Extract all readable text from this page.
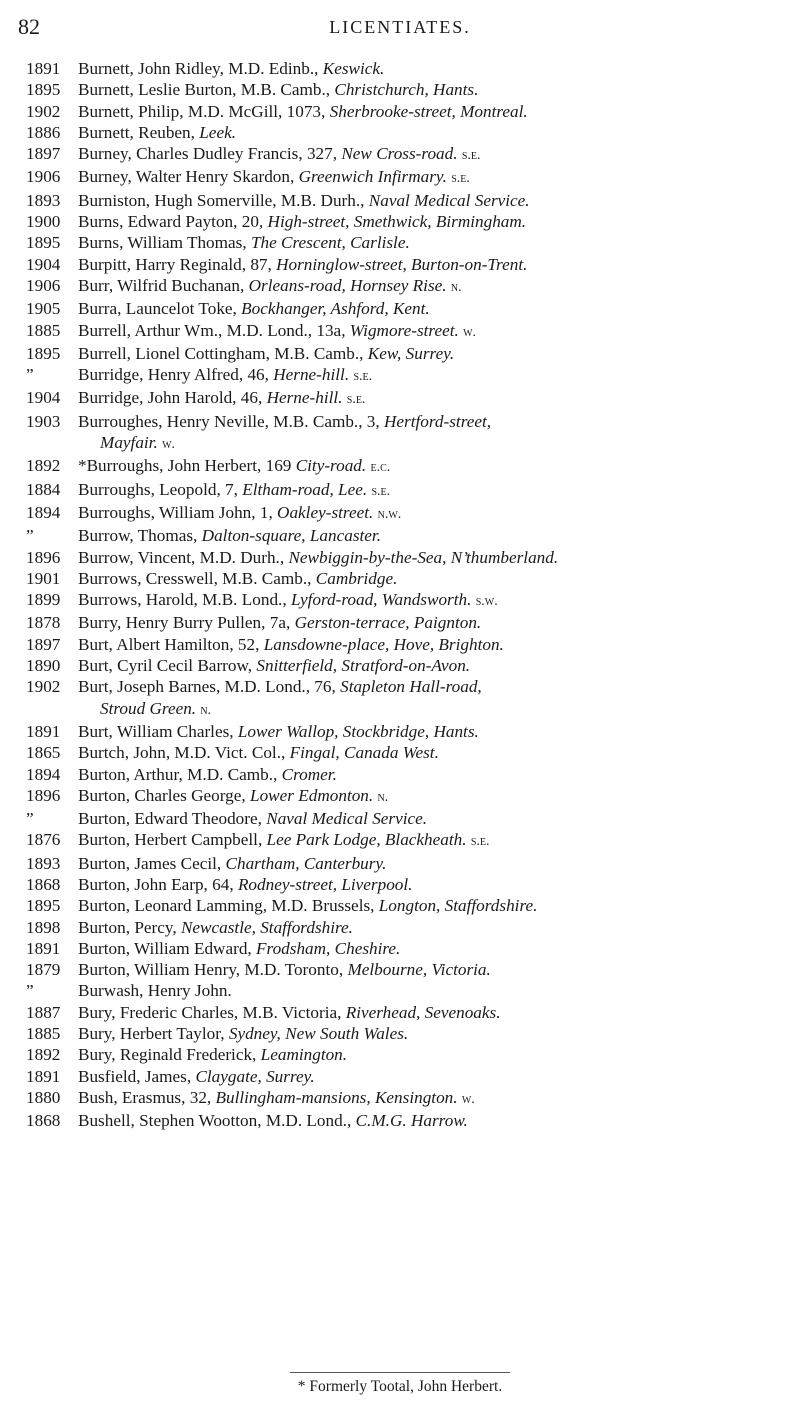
82	LICENTIATES.
1891	Burnett, John Ridley, M.D. Edinb., Keswick.
1895	Burnett, Leslie Burton, M.B. Camb., Christchurch, Hants.
1902	Burnett, Philip, M.D. McGill, 1073, Sherbrooke-street, Montreal.
1886	Burnett, Reuben, Leek.
1897	Burney, Charles Dudley Francis, 327, New Cross-road. s.e.
1906	Burney, Walter Henry Skardon, Greenwich Infirmary. s.e.
1893	Burniston, Hugh Somerville, M.B. Durh., Naval Medical Service.
1900	Burns, Edward Payton, 20, High-street, Smethwick, Birmingham.
1895	Burns, William Thomas, The Crescent, Carlisle.
1904	Burpitt, Harry Reginald, 87, Horninglow-street, Burton-on-Trent.
1906	Burr, Wilfrid Buchanan, Orleans-road, Hornsey Rise. n.
1905	Burra, Launcelot Toke, Bockhanger, Ashford, Kent.
1885	Burrell, Arthur Wm., M.D. Lond., 13a, Wigmore-street. w.
1895	Burrell, Lionel Cottingham, M.B. Camb., Kew, Surrey.
”	Burridge, Henry Alfred, 46, Herne-hill. s.e.
1904	Burridge, John Harold, 46, Herne-hill. s.e.
1903	Burroughes, Henry Neville, M.B. Camb., 3, Hertford-street,
Mayfair. w.
1892	*Burroughs, John Herbert, 169 City-road. e.c.
1884	Burroughs, Leopold, 7, Eltham-road, Lee. s.e.
1894	Burroughs, William John, 1, Oakley-street. n.w.
”	Burrow, Thomas, Dalton-square, Lancaster.
1896	Burrow, Vincent, M.D. Durh., Newbiggin-by-the-Sea, N’thumberland.
1901	Burrows, Cresswell, M.B. Camb., Cambridge.
1899	Burrows, Harold, M.B. Lond., Lyford-road, Wandsworth. s.w.
1878	Burry, Henry Burry Pullen, 7a, Gerston-terrace, Paignton.
1897	Burt, Albert Hamilton, 52, Lansdowne-place, Hove, Brighton.
1890	Burt, Cyril Cecil Barrow, Snitterfield, Stratford-on-Avon.
1902	Burt, Joseph Barnes, M.D. Lond., 76, Stapleton Hall-road,
Stroud Green. n.
1891	Burt, William Charles, Lower Wallop, Stockbridge, Hants.
1865	Burtch, John, M.D. Vict. Col., Fingal, Canada West.
1894	Burton, Arthur, M.D. Camb., Cromer.
1896	Burton, Charles George, Lower Edmonton. n.
”	Burton, Edward Theodore, Naval Medical Service.
1876	Burton, Herbert Campbell, Lee Park Lodge, Blackheath. s.e.
1893	Burton, James Cecil, Chartham, Canterbury.
1868	Burton, John Earp, 64, Rodney-street, Liverpool.
1895	Burton, Leonard Lamming, M.D. Brussels, Longton, Staffordshire.
1898	Burton, Percy, Newcastle, Staffordshire.
1891	Burton, William Edward, Frodsham, Cheshire.
1879	Burton, William Henry, M.D. Toronto, Melbourne, Victoria.
”	Burwash, Henry John.
1887	Bury, Frederic Charles, M.B. Victoria, Riverhead, Sevenoaks.
1885	Bury, Herbert Taylor, Sydney, New South Wales.
1892	Bury, Reginald Frederick, Leamington.
1891	Busfield, James, Claygate, Surrey.
1880	Bush, Erasmus, 32, Bullingham-mansions, Kensington. w.
1868	Bushell, Stephen Wootton, M.D. Lond., C.M.G. Harrow.
* Formerly Tootal, John Herbert.
